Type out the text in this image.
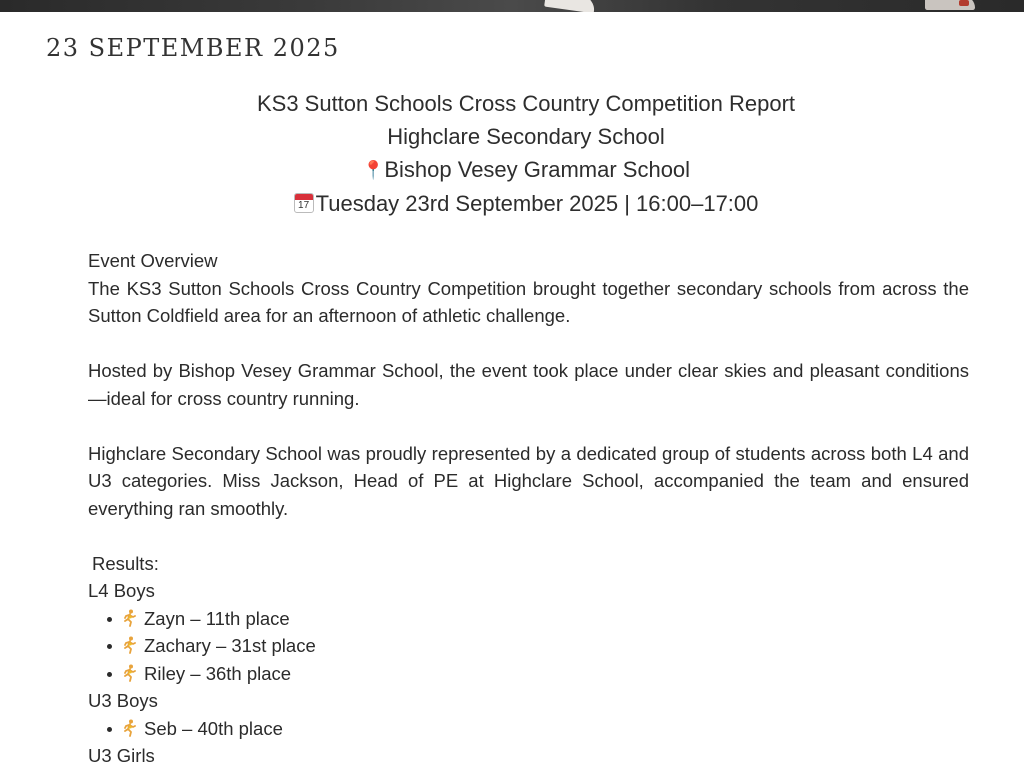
23 SEPTEMBER 2025
KS3 Sutton Schools Cross Country Competition Report
Highclare Secondary School
📍Bishop Vesey Grammar School
17 Tuesday 23rd September 2025 | 16:00–17:00

Event Overview

The KS3 Sutton Schools Cross Country Competition brought together secondary schools from across the Sutton Coldfield area for an afternoon of athletic challenge.

Hosted by Bishop Vesey Grammar School, the event took place under clear skies and pleasant conditions—ideal for cross country running.

Highclare Secondary School was proudly represented by a dedicated group of students across both L4 and U3 categories. Miss Jackson, Head of PE at Highclare School, accompanied the team and ensured everything ran smoothly.

Results:
L4 Boys
Zayn – 11th place
Zachary – 31st place
Riley – 36th place
U3 Boys
Seb – 40th place
U3 Girls
